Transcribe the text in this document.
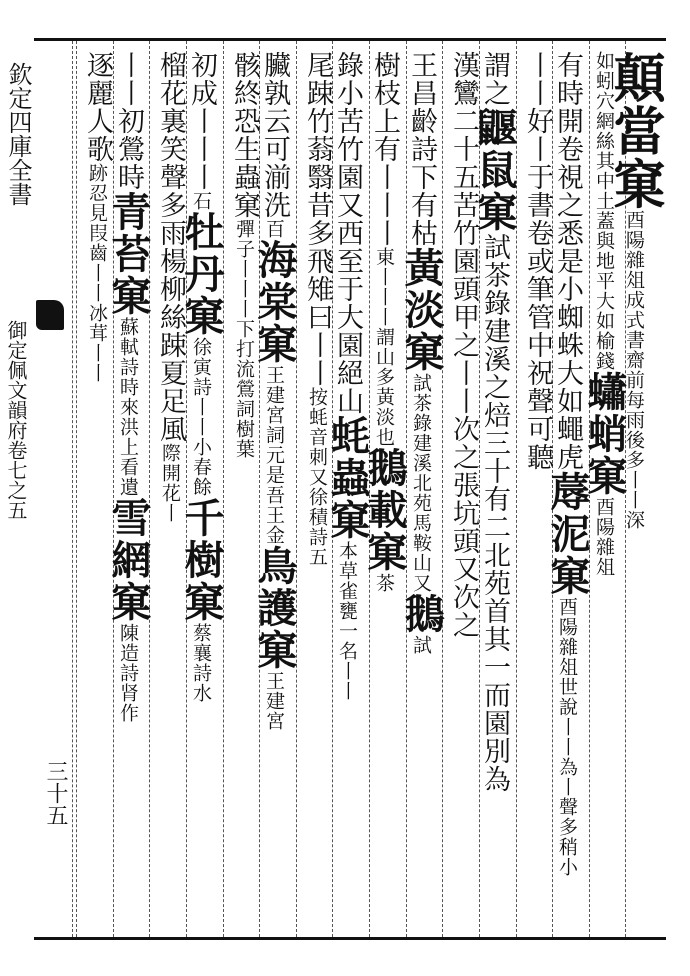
顛當窠酉陽雜俎成式書齋前每雨後多丨丨深
如蚓穴網絲其中土蓋與地平大如榆錢蠨蛸窠酉陽雜俎
有時開卷視之悉是小蜘蛛大如蠅虎蓐泥窠酉陽雜俎世說丨丨為丨聲多稍小
丨丨好丨于書卷或筆管中祝聲可聽
謂之鼴鼠窠試茶錄建溪之焙三十有二北苑首其一而園別為
漢鸞二十五苦竹園頭甲之丨丨次之張坑頭又次之
王昌齡詩下有枯黃淡窠試茶錄建溪北苑馬鞍山又鵝試
樹枝上有丨丨丨東丨丨丨謂山多黃淡也鵝載窠茶
錄小苦竹園又西至于大園絕山蚝蟲窠本草雀甕一名丨丨
尾踈竹蓊翳昔多飛雉曰丨丨按蚝音刺又徐積詩五
臟孰云可湔洗百海棠窠王建宮詞元是吾王金鳥護窠王建宮
骸終恐生蟲窠彈子丨丨丨下打流鶯詞樹葉
初成丨丨丨石牡丹窠徐寅詩丨丨小春餘千樹窠蔡襄詩水
榴花裏笑聲多雨楊柳絲踈夏足風際開花丨
丨丨初鶯時青苔窠蘇軾詩時來洪上看遺雪網窠陳造詩肾作
逐麗人歌跡忍見叚齒丨丨冰茸丨丨
欽定四庫全書
御定佩文韻府卷七之五
三十五
